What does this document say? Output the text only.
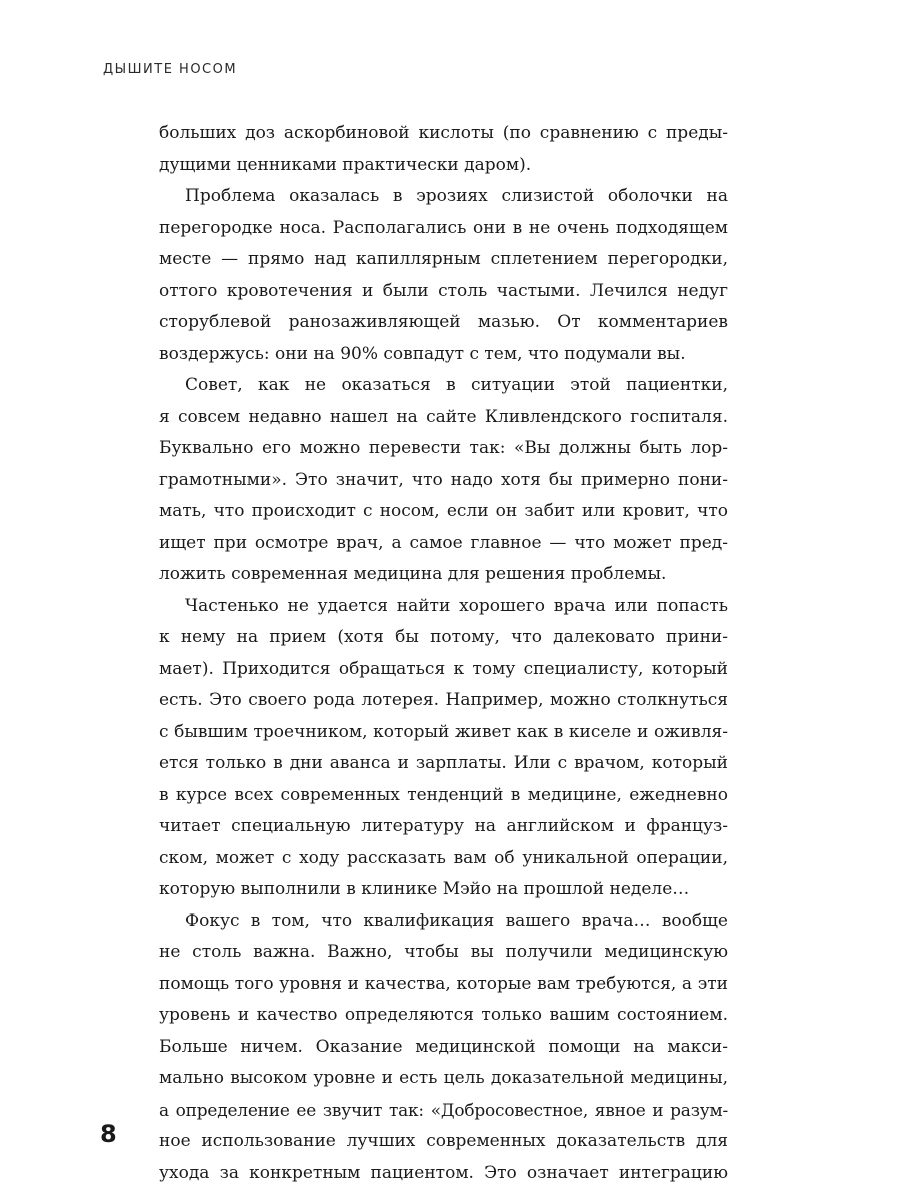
ДЫШИТЕ НОСОМ
больших доз аскорбиновой кислоты (по сравнению с преды-
дущими ценниками практически даром).
Проблема оказалась в эрозиях слизистой оболочки на
перегородке носа. Располагались они в не очень подходящем
месте — прямо над капиллярным сплетением перегородки,
оттого кровотечения и были столь частыми. Лечился недуг
сторублевой ранозаживляющей мазью. От комментариев
воздержусь: они на 90% совпадут с тем, что подумали вы.
Совет, как не оказаться в ситуации этой пациентки,
я совсем недавно нашел на сайте Кливлендского госпиталя.
Буквально его можно перевести так: «Вы должны быть лор-
грамотными». Это значит, что надо хотя бы примерно пони-
мать, что происходит с носом, если он забит или кровит, что
ищет при осмотре врач, а самое главное — что может пред-
ложить современная медицина для решения проблемы.
Частенько не удается найти хорошего врача или попасть
к нему на прием (хотя бы потому, что далековато прини-
мает). Приходится обращаться к тому специалисту, который
есть. Это своего рода лотерея. Например, можно столкнуться
с бывшим троечником, который живет как в киселе и оживля-
ется только в дни аванса и зарплаты. Или с врачом, который
в курсе всех современных тенденций в медицине, ежедневно
читает специальную литературу на английском и француз-
ском, может с ходу рассказать вам об уникальной операции,
которую выполнили в клинике Мэйо на прошлой неделе…
Фокус в том, что квалификация вашего врача… вообще
не столь важна. Важно, чтобы вы получили медицинскую
помощь того уровня и качества, которые вам требуются, а эти
уровень и качество определяются только вашим состоянием.
Больше ничем. Оказание медицинской помощи на макси-
мально высоком уровне и есть цель доказательной медицины,
а определение ее звучит так: «Добросовестное, явное и разум-
ное использование лучших современных доказательств для
ухода за конкретным пациентом. Это означает интеграцию
8
